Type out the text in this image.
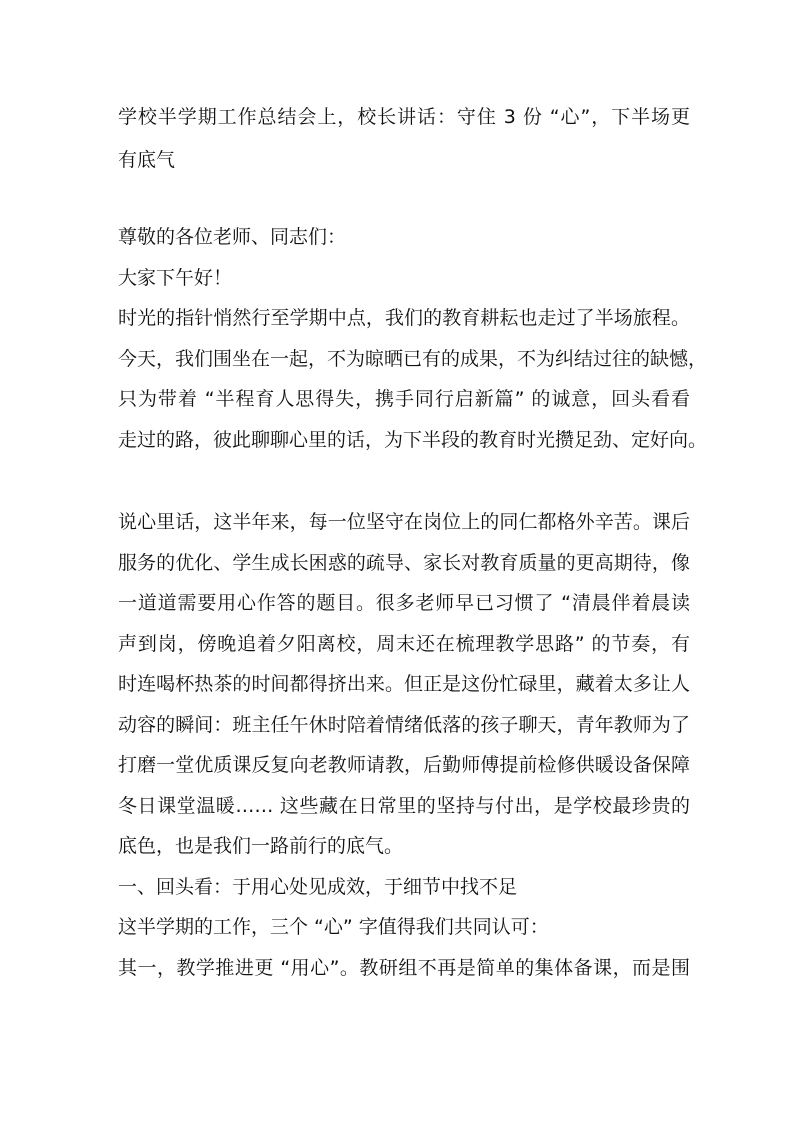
学校半学期工作总结会上，校长讲话：守住 3 份 “心”，下半场更
有底气
尊敬的各位老师、同志们：
大家下午好！
时光的指针悄然行至学期中点，我们的教育耕耘也走过了半场旅程。
今天，我们围坐在一起，不为晾晒已有的成果，不为纠结过往的缺憾，
只为带着 “半程育人思得失，携手同行启新篇” 的诚意，回头看看
走过的路，彼此聊聊心里的话，为下半段的教育时光攒足劲、定好向。
说心里话，这半年来，每一位坚守在岗位上的同仁都格外辛苦。课后
服务的优化、学生成长困惑的疏导、家长对教育质量的更高期待，像
一道道需要用心作答的题目。很多老师早已习惯了 “清晨伴着晨读
声到岗，傍晚追着夕阳离校，周末还在梳理教学思路” 的节奏，有
时连喝杯热茶的时间都得挤出来。但正是这份忙碌里，藏着太多让人
动容的瞬间：班主任午休时陪着情绪低落的孩子聊天，青年教师为了
打磨一堂优质课反复向老教师请教，后勤师傅提前检修供暖设备保障
冬日课堂温暖…… 这些藏在日常里的坚持与付出，是学校最珍贵的
底色，也是我们一路前行的底气。
一、回头看：于用心处见成效，于细节中找不足
这半学期的工作，三个 “心” 字值得我们共同认可：
其一，教学推进更 “用心”。教研组不再是简单的集体备课，而是围
